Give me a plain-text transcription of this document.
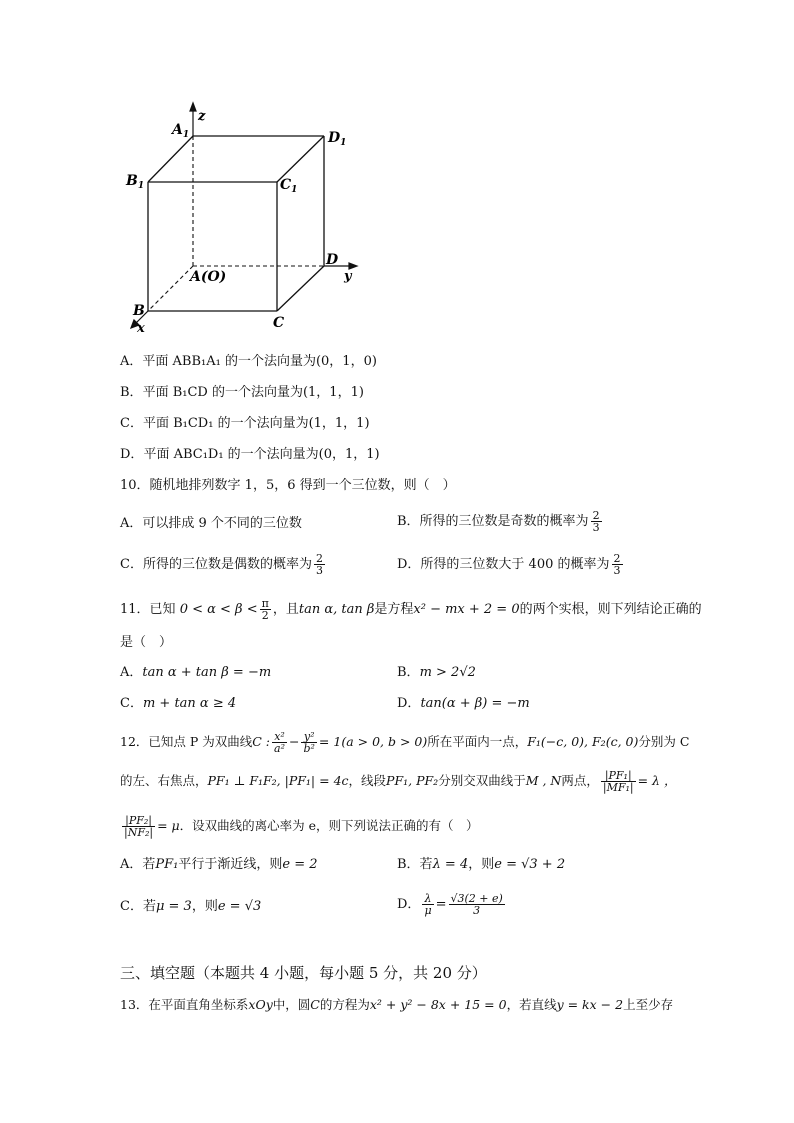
z
$A_1$	$D_1$
$B_1$	$C_1$
D
y
A(O)
B
x	C
A．平面 ABB₁A₁ 的一个法向量为(0，1，0)
B．平面 B₁CD 的一个法向量为(1，1，1)
C．平面 B₁CD₁ 的一个法向量为(1，1，1)
D．平面 ABC₁D₁ 的一个法向量为(0，1，1)
10．随机地排列数字 1，5，6 得到一个三位数，则（　）
A．可以排成 9 个不同的三位数	B．所得的三位数是奇数的概率为 $\frac{2}{3}$
C．所得的三位数是偶数的概率为 $\frac{2}{3}$	D．所得的三位数大于 400 的概率为 $\frac{2}{3}$
11．已知 $0 < \alpha < \beta < \frac{\pi}{2}$ ，且tan α, tan β是方程x² − mx + 2 = 0的两个实根，则下列结论正确的
是（　）
A．tan α + tan β = −m	B．m > 2√2
C．m + tan α ≥ 4	D．tan(α + β) = −m
12．已知点 P 为双曲线C : $\frac{\text{x²}}{\text{a²}} - \frac{\text{y²}}{\text{b²}} = 1(a > 0$, b > 0)所在平面内一点，F₁(−c, 0), F₂(c, 0)分别为 C
的左、右焦点，PF₁ ⊥ F₁F₂, |PF₁| = 4c，线段PF₁, PF₂分别交双曲线于M , N两点， $\frac{\text{|PF₁|}}{\text{|MF₁|}} = \lambda$ ，
$\frac{\text{|PF₂|}}{\text{|NF₂|}} = \mu$．设双曲线的离心率为 e，则下列说法正确的有（　）
A．若PF₁平行于渐近线，则e = 2	B．若λ = 4，则e = √3 + 2
C．若μ = 3，则e = √3	D． $\frac{\lambda}{\mu} = \frac{√3(2 + e)}{3}$
三、填空题（本题共 4 小题，每小题 5 分，共 20 分）
13．在平面直角坐标系xOy中，圆C的方程为x² + y² − 8x + 15 = 0，若直线y = kx − 2上至少存
